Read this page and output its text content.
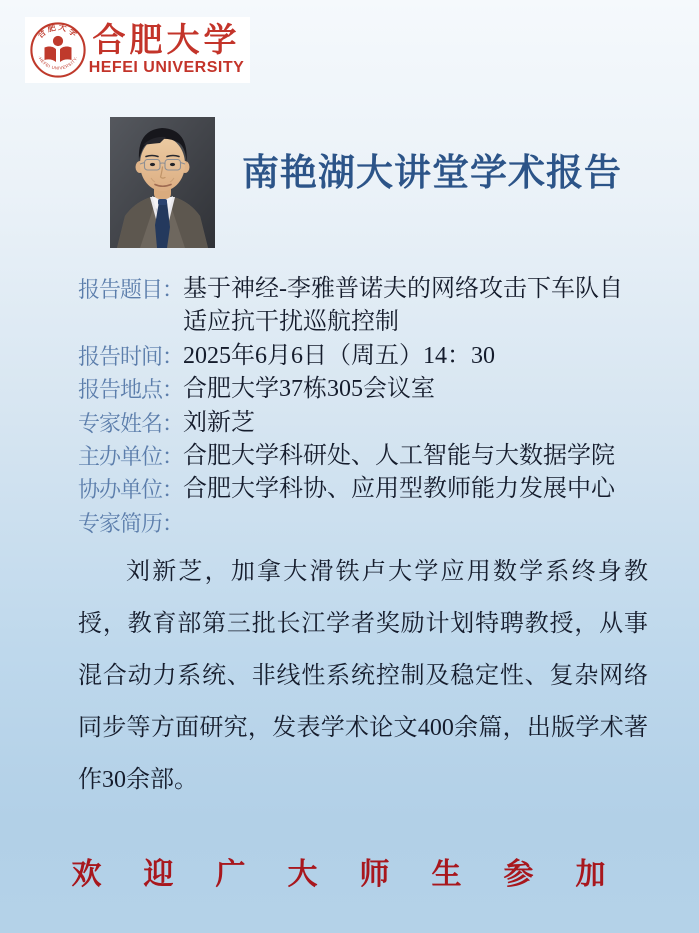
合肥大学
·HEFEI UNIVERSITY· 合肥大学
HEFEI UNIVERSITY
南艳湖大讲堂学术报告
报告题目： 基于神经-李雅普诺夫的网络攻击下车队自适应抗干扰巡航控制
报告时间： 2025年6月6日（周五）14：30
报告地点： 合肥大学37栋305会议室
专家姓名： 刘新芝
主办单位： 合肥大学科研处、人工智能与大数据学院
协办单位： 合肥大学科协、应用型教师能力发展中心
专家简历：
刘新芝，加拿大滑铁卢大学应用数学系终身教授，教育部第三批长江学者奖励计划特聘教授，从事混合动力系统、非线性系统控制及稳定性、复杂网络同步等方面研究，发表学术论文400余篇，出版学术著作30余部。
欢迎广大师生参加
